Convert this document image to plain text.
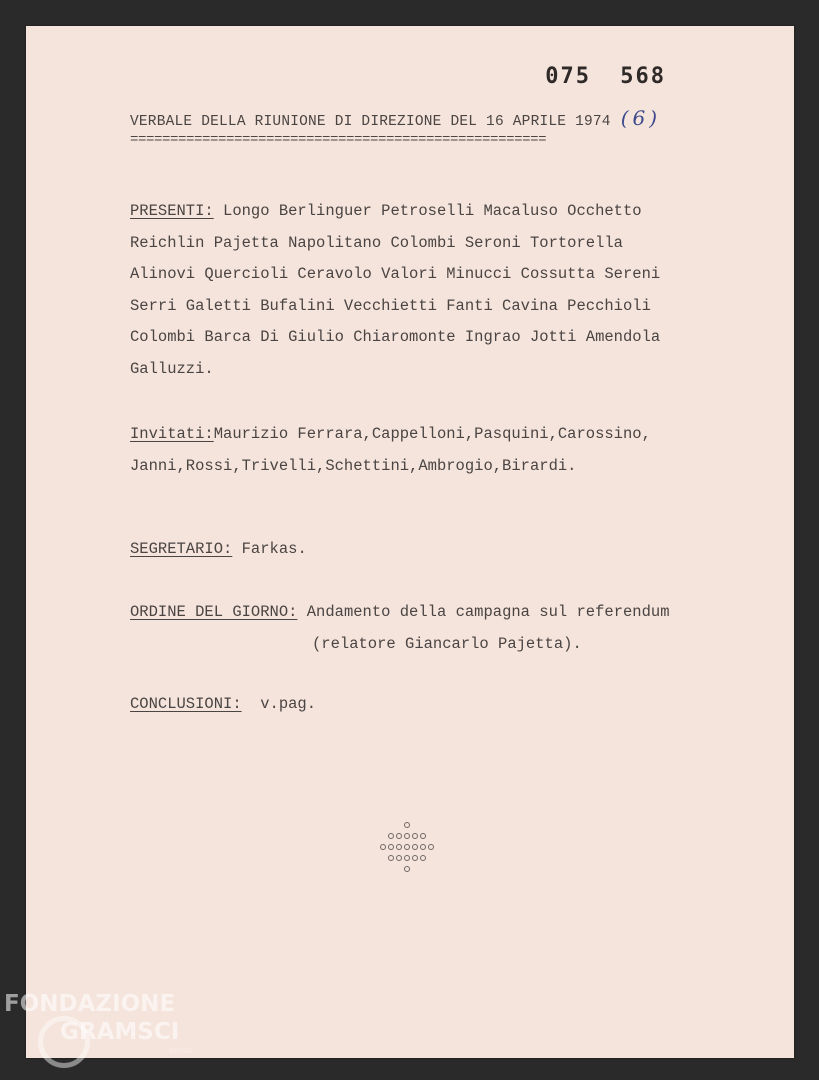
075 568
VERBALE DELLA RIUNIONE DI DIREZIONE DEL 16 APRILE 1974 (6)
====================================================
PRESENTI: Longo Berlinguer Petroselli Macaluso Occhetto
Reichlin Pajetta Napolitano Colombi Seroni Tortorella
Alinovi Quercioli Ceravolo Valori Minucci Cossutta Sereni
Serri Galetti Bufalini Vecchietti Fanti Cavina Pecchioli
Colombi Barca Di Giulio Chiaromonte Ingrao Jotti Amendola
Galluzzi.
Invitati:Maurizio Ferrara,Cappelloni,Pasquini,Carossino,
Janni,Rossi,Trivelli,Schettini,Ambrogio,Birardi.
SEGRETARIO: Farkas.
ORDINE DEL GIORNO: Andamento della campagna sul referendum
(relatore Giancarlo Pajetta).
CONCLUSIONI:  v.pag.
FONDAZIONE
GRAMSCI
onlus
